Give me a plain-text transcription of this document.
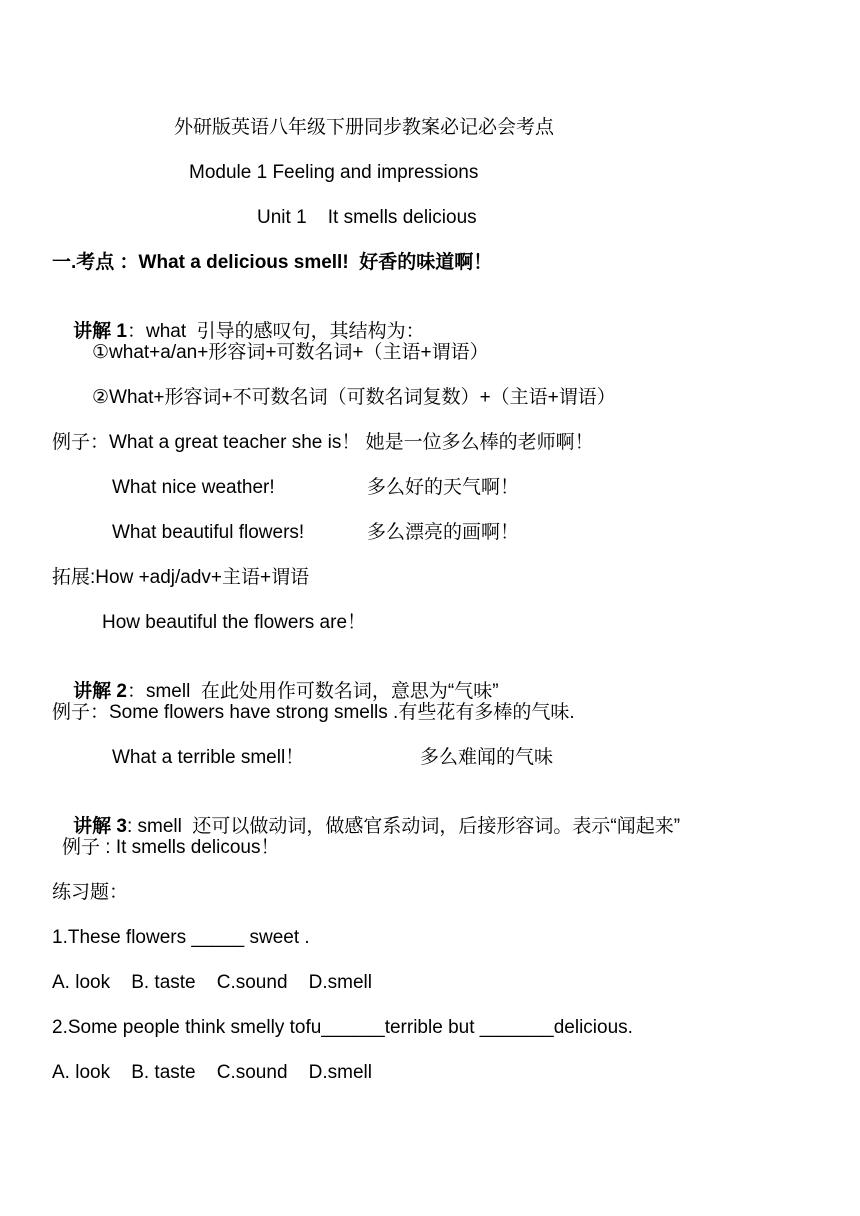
外研版英语八年级下册同步教案必记必会考点
Module 1 Feeling and impressions
Unit 1    It smells delicious
一.考点 ：What a delicious smell!  好香的味道啊！

讲解 1：what  引导的感叹句，其结构为：

①what+a/an+形容词+可数名词+（主语+谓语）
②What+形容词+不可数名词（可数名词复数）+（主语+谓语）
例子：What a great teacher she is！ 她是一位多么棒的老师啊！
What nice weather!	多么好的天气啊！
What beautiful flowers!	多么漂亮的画啊！
拓展:How +adj/adv+主语+谓语
How beautiful the flowers are！

讲解 2：smell  在此处用作可数名词，意思为“气味”

例子：Some flowers have strong smells .有些花有多棒的气味.
What a terrible smell！	多么难闻的气味

讲解 3: smell  还可以做动词，做感官系动词，后接形容词。表示“闻起来”

例子 : It smells delicous！
练习题：
1.These flowers _____ sweet .
A. look    B. taste    C.sound    D.smell
2.Some people think smelly tofu______terrible but _______delicious.
A. look    B. taste    C.sound    D.smell
